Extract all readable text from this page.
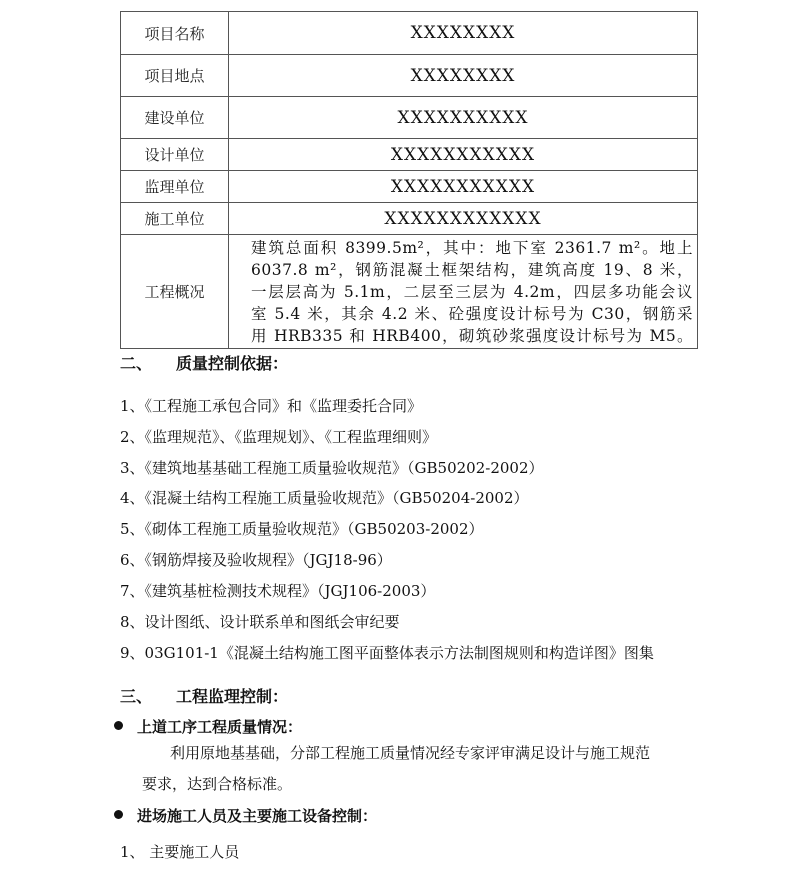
项目名称	XXXXXXXX
项目地点	XXXXXXXX
建设单位	XXXXXXXXXX
设计单位	XXXXXXXXXXX
监理单位	XXXXXXXXXXX
施工单位	XXXXXXXXXXXX
工程概况	建筑总面积 8399.5m²，其中：地下室 2361.7 m²。地上
6037.8 m²，钢筋混凝土框架结构，建筑高度 19、8 米，
一层层高为 5.1m，二层至三层为 4.2m，四层多功能会议
室 5.4 米，其余 4.2 米、砼强度设计标号为 C30，钢筋采
用 HRB335 和 HRB400，砌筑砂浆强度设计标号为 M5。
二、 质量控制依据：
1、《工程施工承包合同》和《监理委托合同》
2、《监理规范》、《监理规划》、《工程监理细则》
3、《建筑地基基础工程施工质量验收规范》（GB50202-2002）
4、《混凝土结构工程施工质量验收规范》（GB50204-2002）
5、《砌体工程施工质量验收规范》（GB50203-2002）
6、《钢筋焊接及验收规程》（JGJ18-96）
7、《建筑基桩检测技术规程》（JGJ106-2003）
8、设计图纸、设计联系单和图纸会审纪要
9、03G101-1《混凝土结构施工图平面整体表示方法制图规则和构造详图》图集
三、 工程监理控制：
上道工序工程质量情况：
利用原地基基础，分部工程施工质量情况经专家评审满足设计与施工规范
要求，达到合格标准。
进场施工人员及主要施工设备控制：
1、 主要施工人员
